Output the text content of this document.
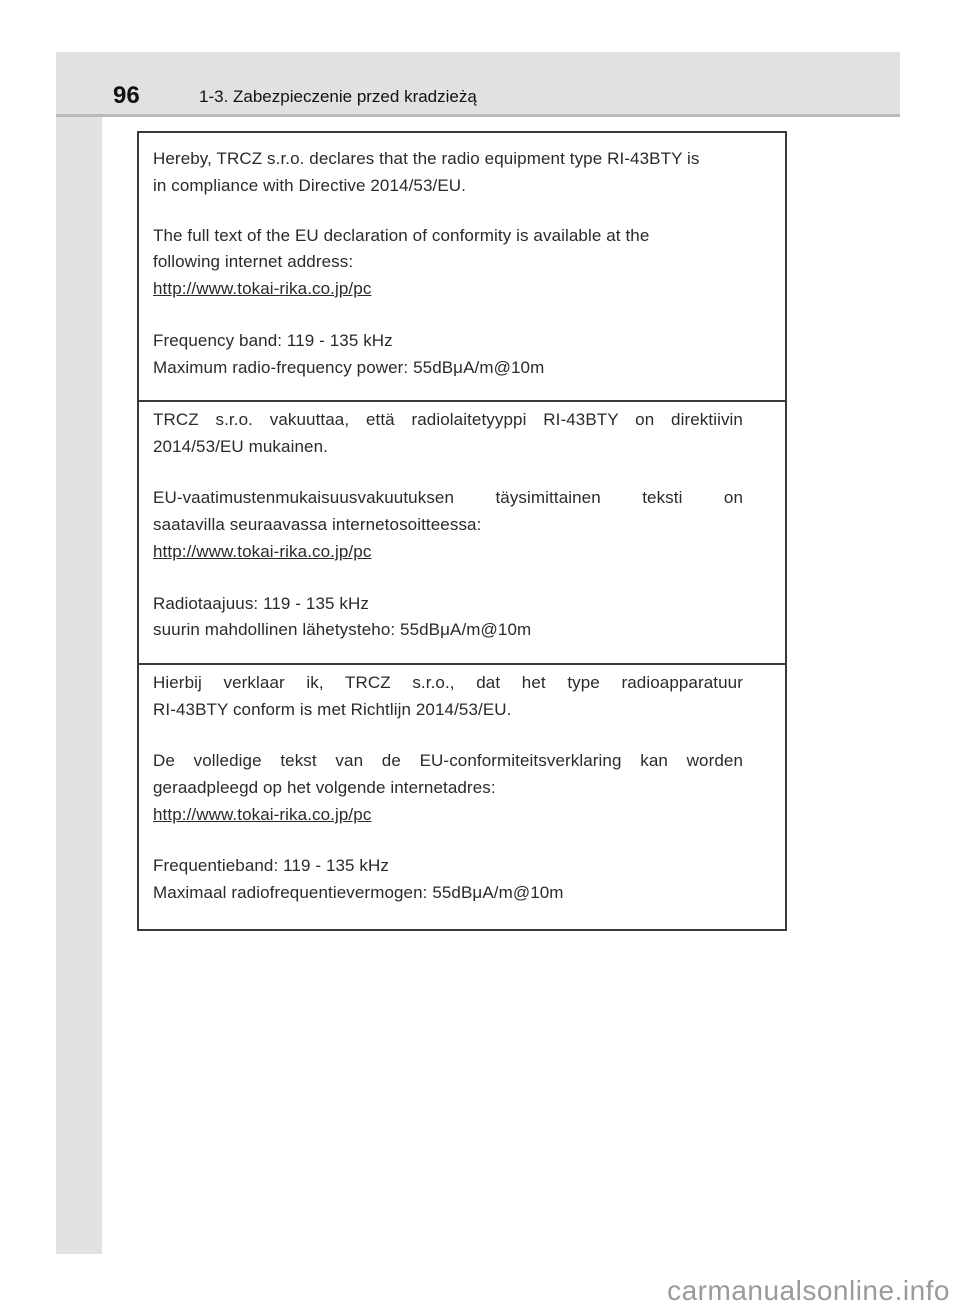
96	1-3. Zabezpieczenie przed kradzieżą
Hereby, TRCZ s.r.o. declares that the radio equipment type RI-43BTY is
in compliance with Directive 2014/53/EU.
The full text of the EU declaration of conformity is available at the
following internet address:
http://www.tokai-rika.co.jp/pc
Frequency band: 119 - 135 kHz
Maximum radio-frequency power: 55dBμA/m@10m
TRCZ s.r.o. vakuuttaa, että radiolaitetyyppi RI-43BTY on direktiivin
2014/53/EU mukainen.
EU-vaatimustenmukaisuusvakuutuksen täysimittainen teksti on
saatavilla seuraavassa internetosoitteessa:
http://www.tokai-rika.co.jp/pc
Radiotaajuus: 119 - 135 kHz
suurin mahdollinen lähetysteho: 55dBμA/m@10m
Hierbij verklaar ik, TRCZ s.r.o., dat het type radioapparatuur
RI-43BTY conform is met Richtlijn 2014/53/EU.
De volledige tekst van de EU-conformiteitsverklaring kan worden
geraadpleegd op het volgende internetadres:
http://www.tokai-rika.co.jp/pc
Frequentieband: 119 - 135 kHz
Maximaal radiofrequentievermogen: 55dBμA/m@10m
carmanualsonline.info
